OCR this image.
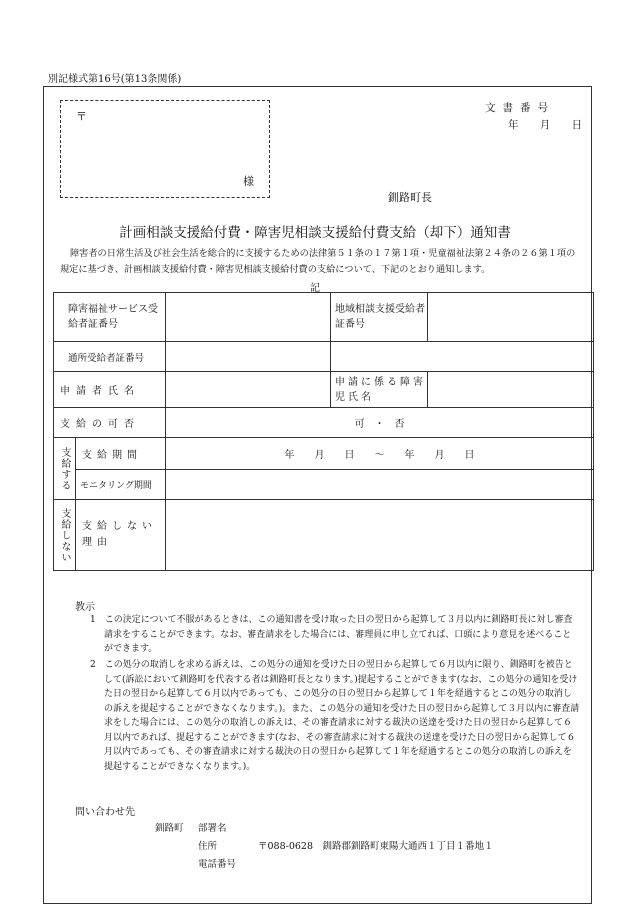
別記様式第16号(第13条関係)
〒
様
文書番号
年 月 日
釧路町長
計画相談支援給付費・障害児相談支援給付費支給（却下）通知書
障害者の日常生活及び社会生活を総合的に支援するための法律第５１条の１７第１項・児童福祉法第２４条の２６第１項の規定に基づき、計画相談支援給付費・障害児相談支援給付費の支給について、下記のとおり通知します。
記
障害福祉サービス受給者証番号			地域相談支援受給者証番号	

通所受給者証番号			

申請者氏名			申請に係る障害児氏名	
支給の可否		可　・　否		
支給する	支給期間	年　　月　　日　　〜　　年　　月　　日		
	モニタリング期間			
支給しない	支給しない理由			
教示
1　この決定について不服があるときは、この通知書を受け取った日の翌日から起算して３月以内に釧路町長に対し審査請求をすることができます。なお、審査請求をした場合には、審理員に申し立てれば、口頭により意見を述べることができます。
2　この処分の取消しを求める訴えは、この処分の通知を受けた日の翌日から起算して６月以内に限り、釧路町を被告として(訴訟において釧路町を代表する者は釧路町長となります。)提起することができます(なお、この処分の通知を受けた日の翌日から起算して６月以内であっても、この処分の日の翌日から起算して１年を経過するとこの処分の取消しの訴えを提起することができなくなります。)。また、この処分の通知を受けた日の翌日から起算して３月以内に審査請求をした場合には、この処分の取消しの訴えは、その審査請求に対する裁決の送達を受けた日の翌日から起算して６月以内であれば、提起することができます(なお、その審査請求に対する裁決の送達を受けた日の翌日から起算して６月以内であっても、その審査請求に対する裁決の日の翌日から起算して１年を経過するとこの処分の取消しの訴えを提起することができなくなります。)。
問い合わせ先
釧路町 部署名
住所	〒088-0628　釧路郡釧路町東陽大通西１丁目１番地１
電話番号
